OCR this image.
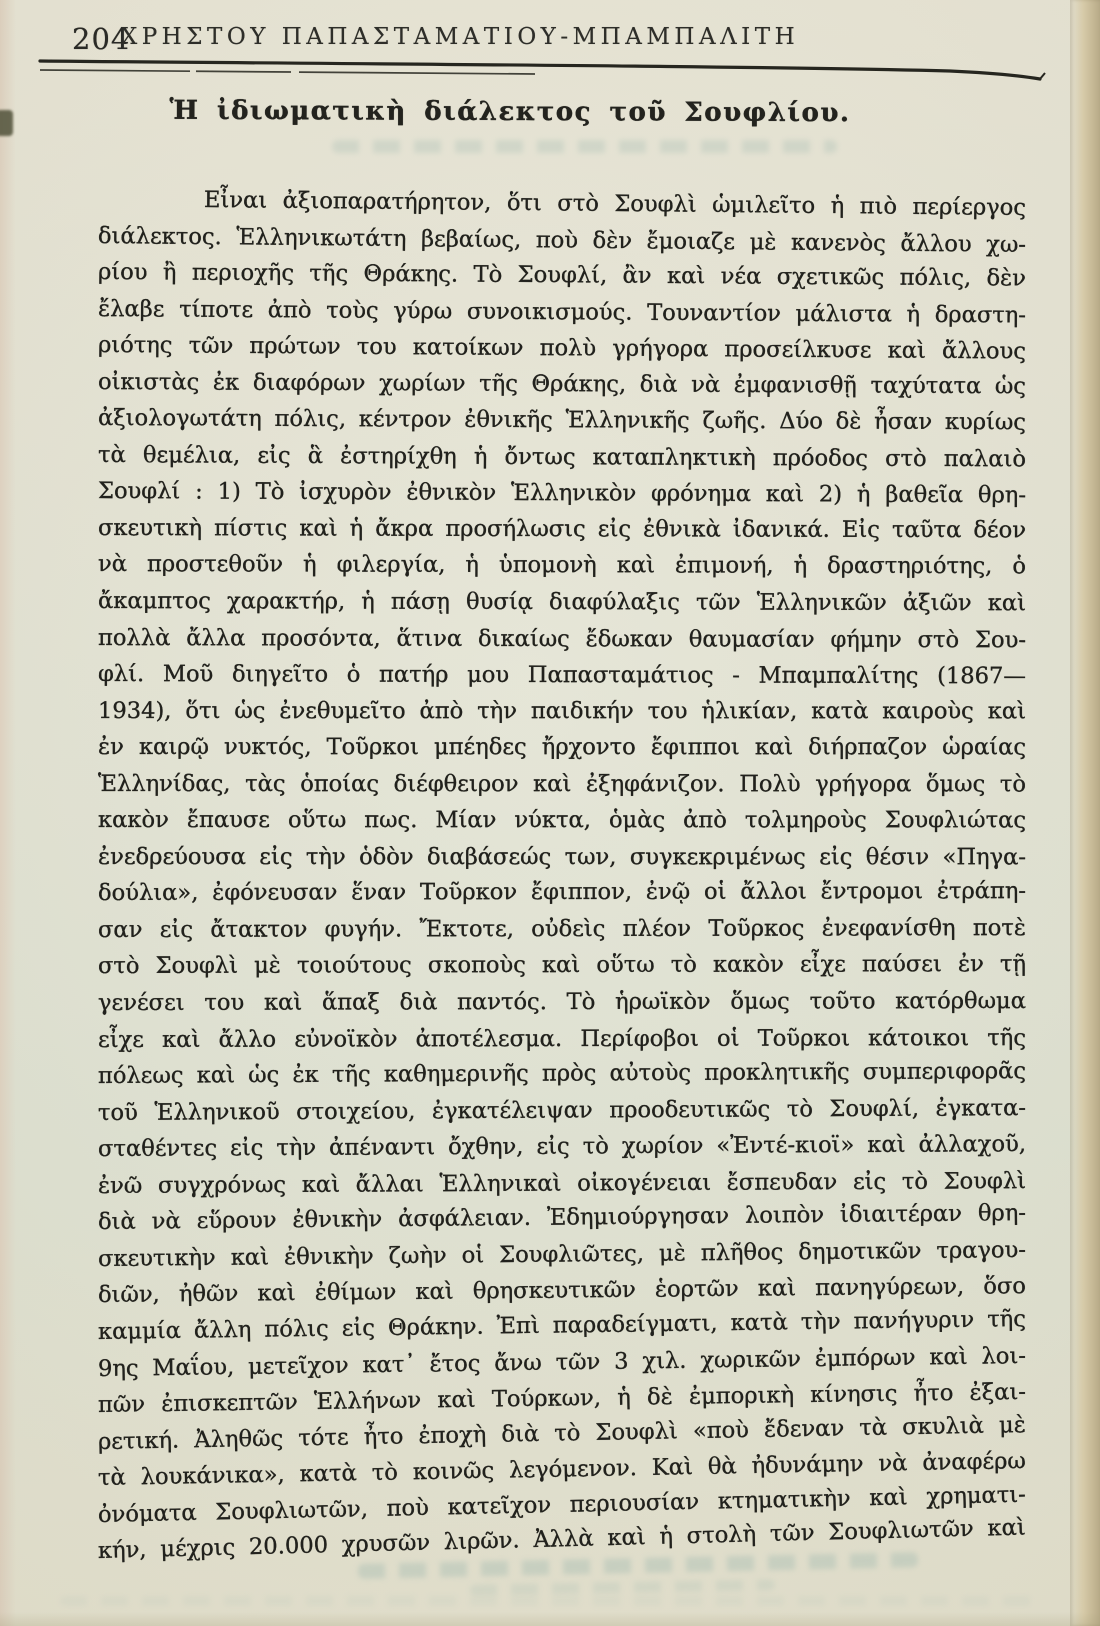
204
ΧΡΗΣΤΟΥ ΠΑΠΑΣΤΑΜΑΤΙΟΥ-ΜΠΑΜΠΑΛΙΤΗ
Ἡ ἰδιωματικὴ διάλεκτος τοῦ Σουφλίου.
Εἶναι ἀξιοπαρατήρητον, ὅτι στὸ Σουφλὶ ὡμιλεῖτο ἡ πιὸ περίεργος
διάλεκτος. Ἑλληνικωτάτη βεβαίως, ποὺ δὲν ἔμοιαζε μὲ κανενὸς ἄλλου χω-
ρίου ἢ περιοχῆς τῆς Θράκης. Τὸ Σουφλί, ἂν καὶ νέα σχετικῶς πόλις, δὲν
ἔλαβε τίποτε ἀπὸ τοὺς γύρω συνοικισμούς. Τουναντίον μάλιστα ἡ δραστη-
ριότης τῶν πρώτων του κατοίκων πολὺ γρήγορα προσείλκυσε καὶ ἄλλους
οἰκιστὰς ἐκ διαφόρων χωρίων τῆς Θράκης, διὰ νὰ ἐμφανισθῇ ταχύτατα ὡς
ἀξιολογωτάτη πόλις, κέντρον ἐθνικῆς Ἑλληνικῆς ζωῆς. Δύο δὲ ἦσαν κυρίως
τὰ θεμέλια, εἰς ἃ ἐστηρίχθη ἡ ὄντως καταπληκτικὴ πρόοδος στὸ παλαιὸ
Σουφλί : 1) Τὸ ἰσχυρὸν ἐθνικὸν Ἑλληνικὸν φρόνημα καὶ 2) ἡ βαθεῖα θρη-
σκευτικὴ πίστις καὶ ἡ ἄκρα προσήλωσις εἰς ἐθνικὰ ἰδανικά. Εἰς ταῦτα δέον
νὰ προστεθοῦν ἡ φιλεργία, ἡ ὑπομονὴ καὶ ἐπιμονή, ἡ δραστηριότης, ὁ
ἄκαμπτος χαρακτήρ, ἡ πάσῃ θυσίᾳ διαφύλαξις τῶν Ἑλληνικῶν ἀξιῶν καὶ
πολλὰ ἄλλα προσόντα, ἅτινα δικαίως ἔδωκαν θαυμασίαν φήμην στὸ Σου-
φλί. Μοῦ διηγεῖτο ὁ πατήρ μου Παπασταμάτιος - Μπαμπαλίτης (1867—
1934), ὅτι ὡς ἐνεθυμεῖτο ἀπὸ τὴν παιδικήν του ἡλικίαν, κατὰ καιροὺς καὶ
ἐν καιρῷ νυκτός, Τοῦρκοι μπέηδες ἤρχοντο ἔφιπποι καὶ διήρπαζον ὡραίας
Ἑλληνίδας, τὰς ὁποίας διέφθειρον καὶ ἐξηφάνιζον. Πολὺ γρήγορα ὅμως τὸ
κακὸν ἔπαυσε οὕτω πως. Μίαν νύκτα, ὁμὰς ἀπὸ τολμηροὺς Σουφλιώτας
ἐνεδρεύουσα εἰς τὴν ὁδὸν διαβάσεώς των, συγκεκριμένως εἰς θέσιν «Πηγα-
δούλια», ἐφόνευσαν ἕναν Τοῦρκον ἔφιππον, ἐνῷ οἱ ἄλλοι ἔντρομοι ἐτράπη-
σαν εἰς ἄτακτον φυγήν. Ἔκτοτε, οὐδεὶς πλέον Τοῦρκος ἐνεφανίσθη ποτὲ
στὸ Σουφλὶ μὲ τοιούτους σκοποὺς καὶ οὕτω τὸ κακὸν εἶχε παύσει ἐν τῇ
γενέσει του καὶ ἅπαξ διὰ παντός. Τὸ ἡρωϊκὸν ὅμως τοῦτο κατόρθωμα
εἶχε καὶ ἄλλο εὐνοϊκὸν ἀποτέλεσμα. Περίφοβοι οἱ Τοῦρκοι κάτοικοι τῆς
πόλεως καὶ ὡς ἐκ τῆς καθημερινῆς πρὸς αὐτοὺς προκλητικῆς συμπεριφορᾶς
τοῦ Ἑλληνικοῦ στοιχείου, ἐγκατέλειψαν προοδευτικῶς τὸ Σουφλί, ἐγκατα-
σταθέντες εἰς τὴν ἀπέναντι ὄχθην, εἰς τὸ χωρίον «Ἐντέ-κιοϊ» καὶ ἀλλαχοῦ,
ἐνῶ συγχρόνως καὶ ἄλλαι Ἑλληνικαὶ οἰκογένειαι ἔσπευδαν εἰς τὸ Σουφλὶ
διὰ νὰ εὕρουν ἐθνικὴν ἀσφάλειαν. Ἐδημιούργησαν λοιπὸν ἰδιαιτέραν θρη-
σκευτικὴν καὶ ἐθνικὴν ζωὴν οἱ Σουφλιῶτες, μὲ πλῆθος δημοτικῶν τραγου-
διῶν, ἠθῶν καὶ ἐθίμων καὶ θρησκευτικῶν ἑορτῶν καὶ πανηγύρεων, ὅσο
καμμία ἄλλη πόλις εἰς Θράκην. Ἐπὶ παραδείγματι, κατὰ τὴν πανήγυριν τῆς
9ης Μαΐου, μετεῖχον κατ᾽ ἔτος ἄνω τῶν 3 χιλ. χωρικῶν ἐμπόρων καὶ λοι-
πῶν ἐπισκεπτῶν Ἑλλήνων καὶ Τούρκων, ἡ δὲ ἐμπορικὴ κίνησις ἦτο ἐξαι-
ρετική. Ἀληθῶς τότε ἦτο ἐποχὴ διὰ τὸ Σουφλὶ «ποὺ ἔδεναν τὰ σκυλιὰ μὲ
τὰ λουκάνικα», κατὰ τὸ κοινῶς λεγόμενον. Καὶ θὰ ἠδυνάμην νὰ ἀναφέρω
ὀνόματα Σουφλιωτῶν, ποὺ κατεῖχον περιουσίαν κτηματικὴν καὶ χρηματι-
κήν, μέχρις 20.000 χρυσῶν λιρῶν. Ἀλλὰ καὶ ἡ στολὴ τῶν Σουφλιωτῶν καὶ
